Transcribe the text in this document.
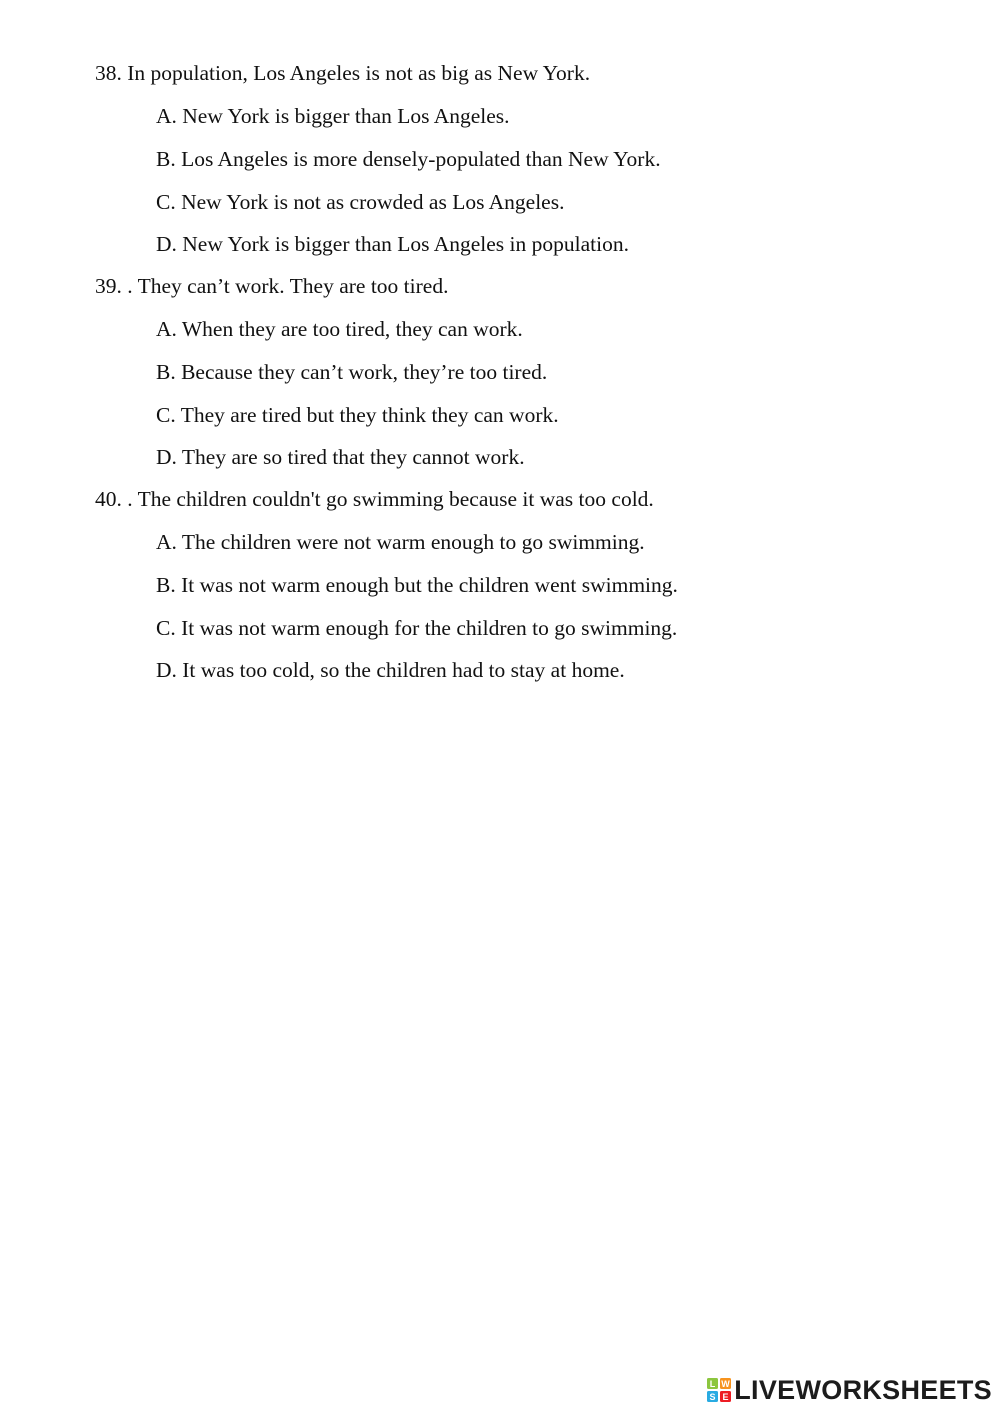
38. In population, Los Angeles is not as big as New York.
A. New York is bigger than Los Angeles.
B. Los Angeles is more densely-populated than New York.
C. New York is not as crowded as Los Angeles.
D. New York is bigger than Los Angeles in population.
39. . They can’t work. They are too tired.
A. When they are too tired, they can work.
B. Because they can’t work, they’re too tired.
C. They are tired but they think they can work.
D. They are so tired that they cannot work.
40. . The children couldn't go swimming because it was too cold.
A. The children were not warm enough to go swimming.
B. It was not warm enough but the children went swimming.
C. It was not warm enough for the children to go swimming.
D. It was too cold, so the children had to stay at home.
L W
S E LIVEWORKSHEETS
